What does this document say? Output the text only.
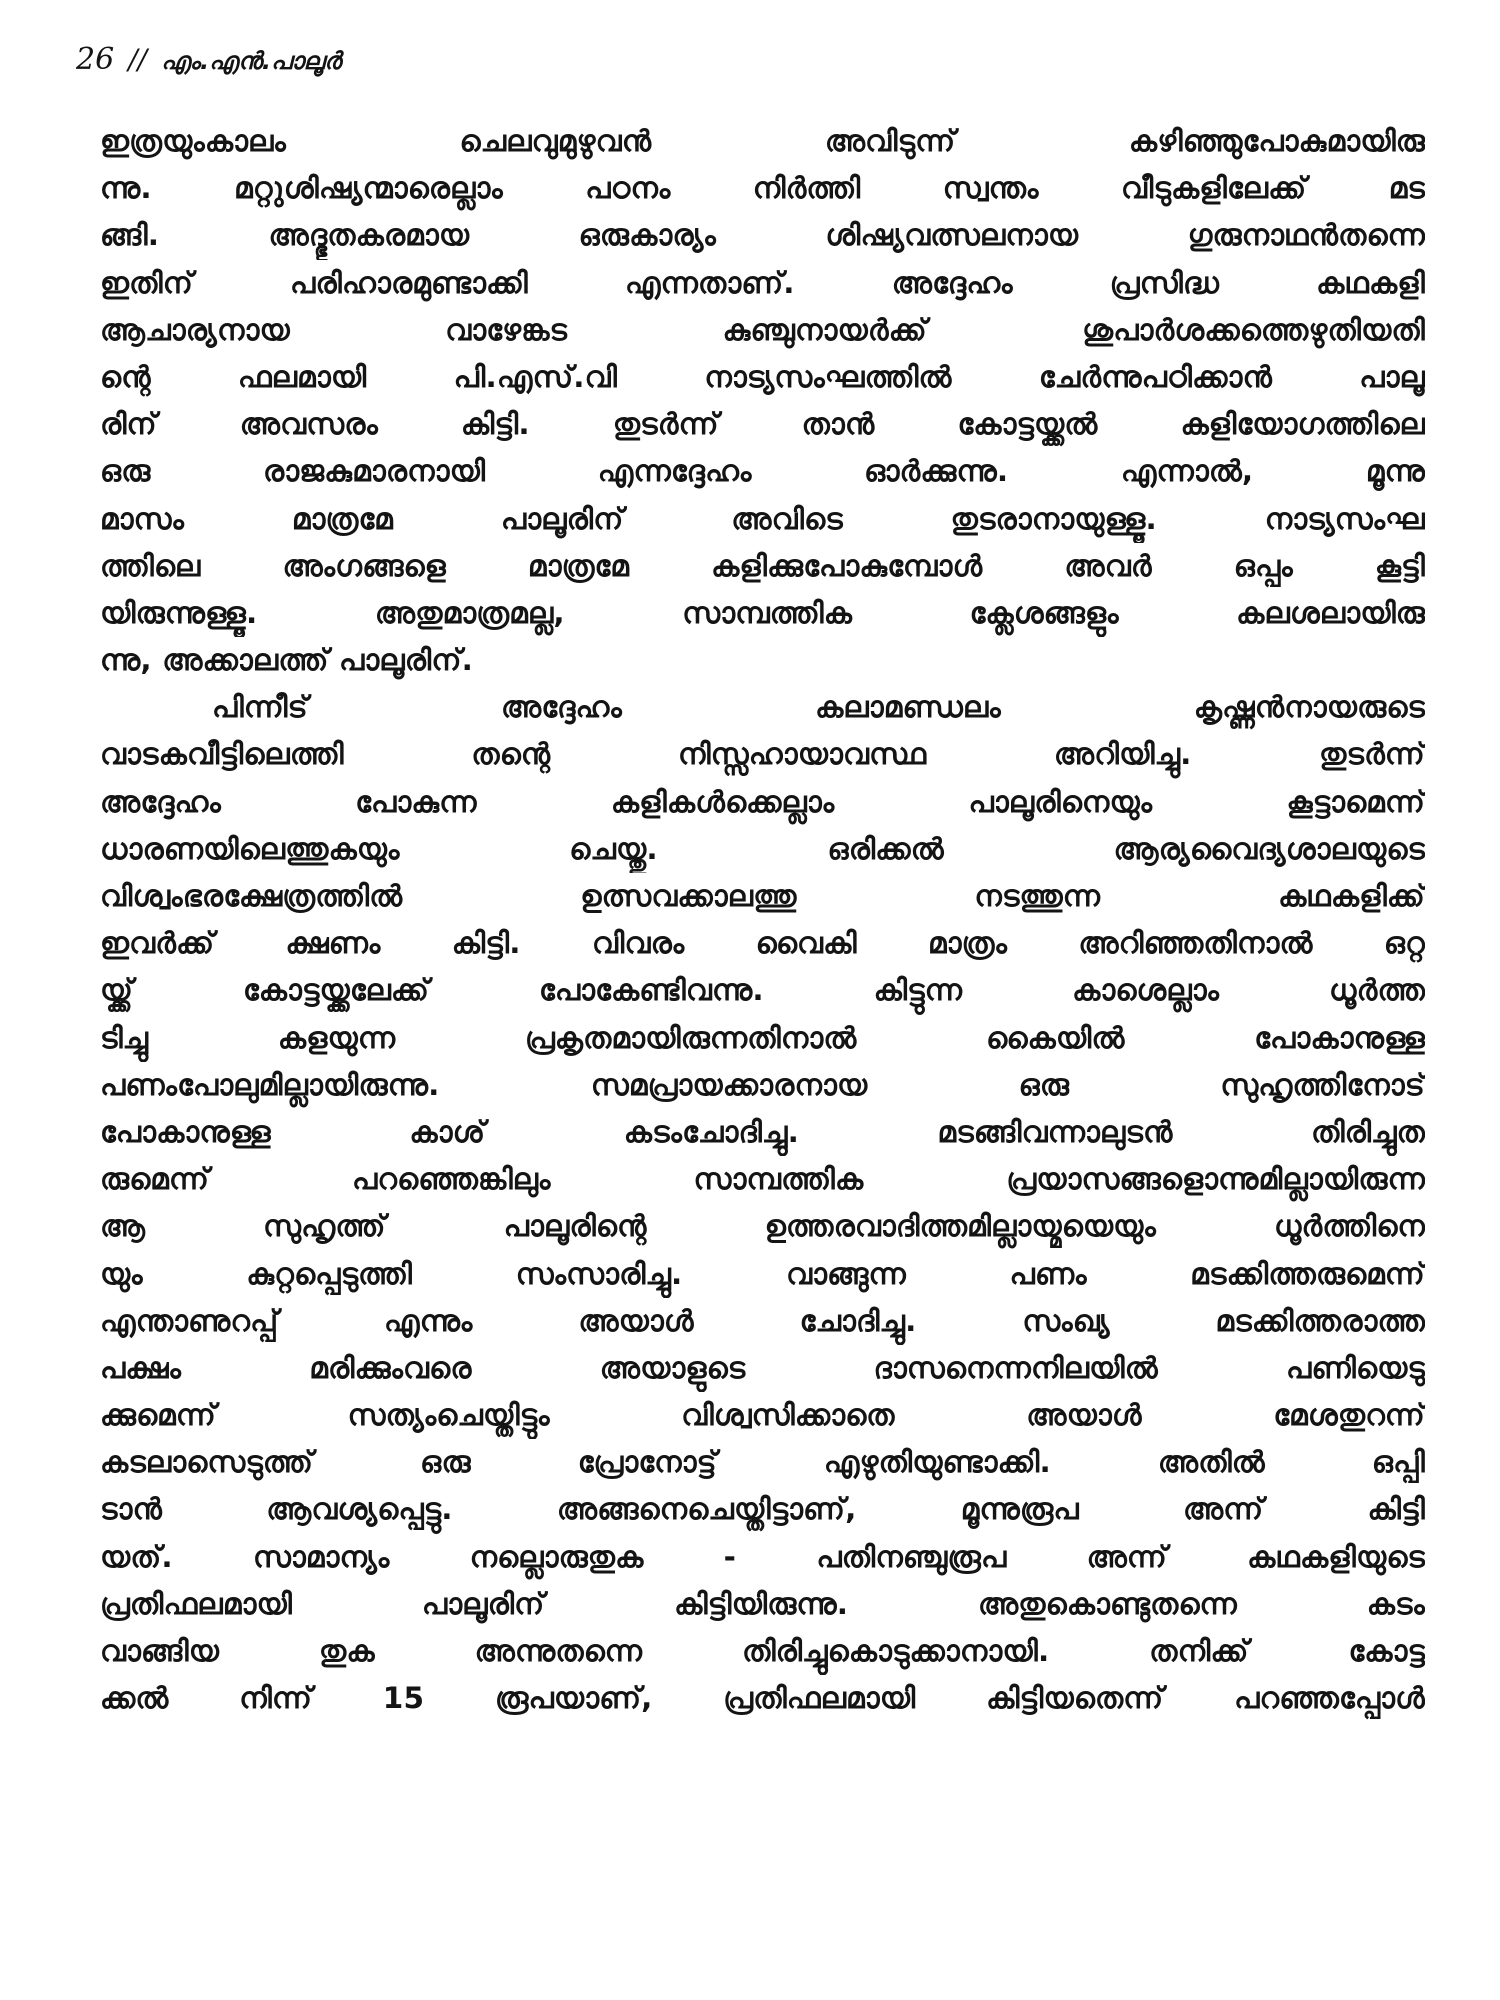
26 // എം.എൻ.പാലൂർ
ഇത്രയുംകാലം ചെലവുമുഴുവൻ അവിടുന്ന് കഴിഞ്ഞുപോകുമായിരു
ന്നു. മറ്റുശിഷ്യന്മാരെല്ലാം പഠനം നിർത്തി സ്വന്തം വീടുകളിലേക്ക് മട
ങ്ങി. അദ്ഭുതകരമായ ഒരുകാര്യം ശിഷ്യവത്സലനായ ഗുരുനാഥൻതന്നെ
ഇതിന് പരിഹാരമുണ്ടാക്കി എന്നതാണ്. അദ്ദേഹം പ്രസിദ്ധ കഥകളി
ആചാര്യനായ വാഴേങ്കട കുഞ്ചുനായർക്ക് ശുപാർശക്കത്തെഴുതിയതി
ന്റെ ഫലമായി പി.എസ്.വി നാട്യസംഘത്തിൽ ചേർന്നുപഠിക്കാൻ പാലൂ
രിന് അവസരം കിട്ടി. തുടർന്ന് താൻ കോട്ടയ്ക്കൽ കളിയോഗത്തിലെ
ഒരു രാജകുമാരനായി എന്നദ്ദേഹം ഓർക്കുന്നു. എന്നാൽ, മൂന്നു
മാസം മാത്രമേ പാലൂരിന് അവിടെ തുടരാനായുള്ളൂ. നാട്യസംഘ
ത്തിലെ അംഗങ്ങളെ മാത്രമേ കളിക്കുപോകുമ്പോൾ അവർ ഒപ്പം കൂട്ടി
യിരുന്നുള്ളൂ. അതുമാത്രമല്ല, സാമ്പത്തിക ക്ലേശങ്ങളും കലശലായിരു
ന്നു, അക്കാലത്ത് പാലൂരിന്.
പിന്നീട് അദ്ദേഹം കലാമണ്ഡലം കൃഷ്ണൻനായരുടെ
വാടകവീട്ടിലെത്തി തന്റെ നിസ്സഹായാവസ്ഥ അറിയിച്ചു. തുടർന്ന്
അദ്ദേഹം പോകുന്ന കളികൾക്കെല്ലാം പാലൂരിനെയും കൂട്ടാമെന്ന്
ധാരണയിലെത്തുകയും ചെയ്തു. ഒരിക്കൽ ആര്യവൈദ്യശാലയുടെ
വിശ്വംഭരക്ഷേത്രത്തിൽ ഉത്സവക്കാലത്തു നടത്തുന്ന കഥകളിക്ക്
ഇവർക്ക് ക്ഷണം കിട്ടി. വിവരം വൈകി മാത്രം അറിഞ്ഞതിനാൽ ഒറ്റ
യ്ക്ക് കോട്ടയ്ക്കലേക്ക് പോകേണ്ടിവന്നു. കിട്ടുന്ന കാശെല്ലാം ധൂർത്ത
ടിച്ചു കളയുന്ന പ്രകൃതമായിരുന്നതിനാൽ കൈയിൽ പോകാനുള്ള
പണംപോലുമില്ലായിരുന്നു. സമപ്രായക്കാരനായ ഒരു സുഹൃത്തിനോട്
പോകാനുള്ള കാശ് കടംചോദിച്ചു. മടങ്ങിവന്നാലുടൻ തിരിച്ചുത
രുമെന്ന് പറഞ്ഞെങ്കിലും സാമ്പത്തിക പ്രയാസങ്ങളൊന്നുമില്ലായിരുന്ന
ആ സുഹൃത്ത് പാലൂരിന്റെ ഉത്തരവാദിത്തമില്ലായ്മയെയും ധൂർത്തിനെ
യും കുറ്റപ്പെടുത്തി സംസാരിച്ചു. വാങ്ങുന്ന പണം മടക്കിത്തരുമെന്ന്
എന്താണുറപ്പ് എന്നും അയാൾ ചോദിച്ചു. സംഖ്യ മടക്കിത്തരാത്ത
പക്ഷം മരിക്കുംവരെ അയാളുടെ ദാസനെന്നനിലയിൽ പണിയെടു
ക്കുമെന്ന് സത്യംചെയ്തിട്ടും വിശ്വസിക്കാതെ അയാൾ മേശതുറന്ന്
കടലാസെടുത്ത് ഒരു പ്രോനോട്ട് എഴുതിയുണ്ടാക്കി. അതിൽ ഒപ്പി
ടാൻ ആവശ്യപ്പെട്ടു. അങ്ങനെചെയ്തിട്ടാണ്, മൂന്നുരൂപ അന്ന് കിട്ടി
യത്. സാമാന്യം നല്ലൊരുതുക - പതിനഞ്ചുരൂപ അന്ന് കഥകളിയുടെ
പ്രതിഫലമായി പാലൂരിന് കിട്ടിയിരുന്നു. അതുകൊണ്ടുതന്നെ കടം
വാങ്ങിയ തുക അന്നുതന്നെ തിരിച്ചുകൊടുക്കാനായി. തനിക്ക് കോട്ട
ക്കൽ നിന്ന് 15 രൂപയാണ്, പ്രതിഫലമായി കിട്ടിയതെന്ന് പറഞ്ഞപ്പോൾ
